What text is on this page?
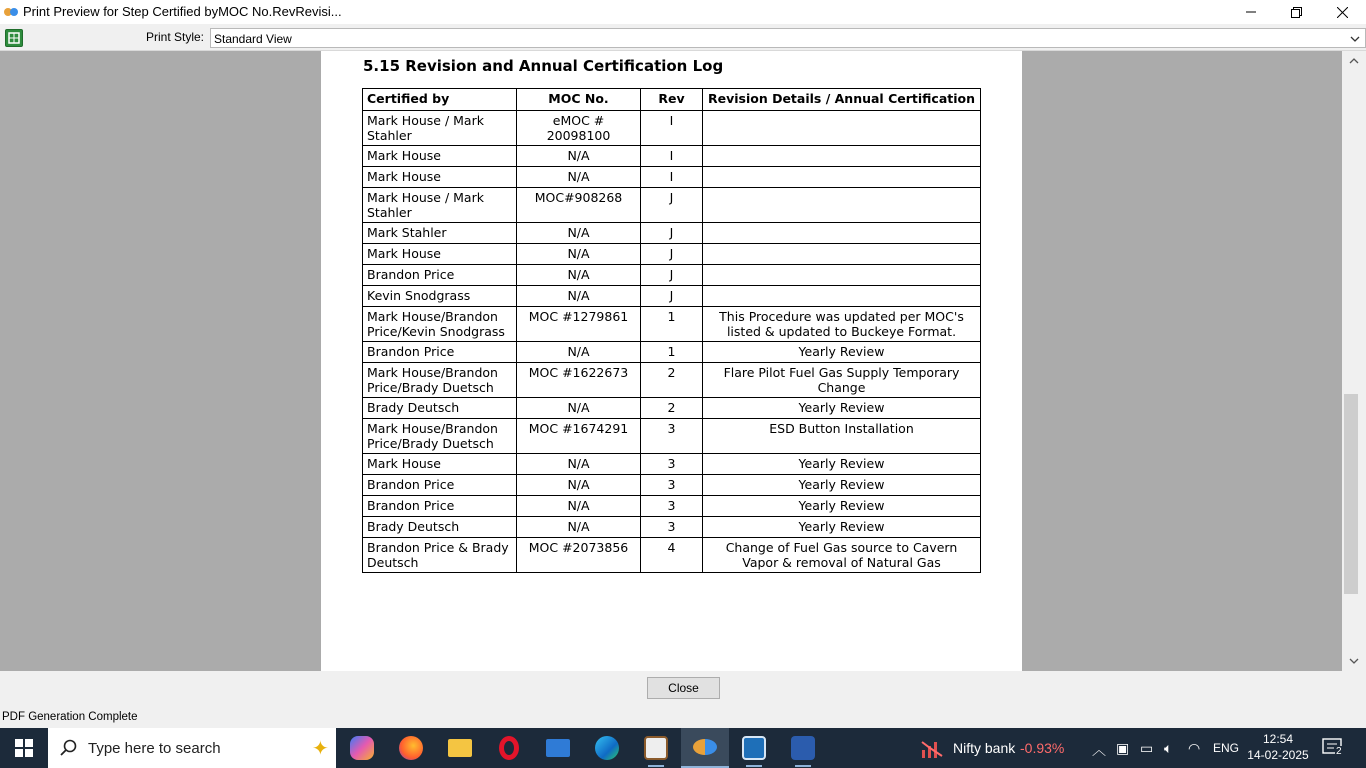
Print Preview for Step Certified byMOC No.RevRevisi...
Print Style: Standard View
5.15 Revision and Annual Certification Log
Certified by	MOC No.	Rev	Revision Details / Annual Certification
Mark House / Mark Stahler	eMOC # 20098100	I	
Mark House	N/A	I	
Mark House	N/A	I	
Mark House / Mark Stahler	MOC#908268	J	
Mark Stahler	N/A	J	
Mark House	N/A	J	
Brandon Price	N/A	J	
Kevin Snodgrass	N/A	J	
Mark House/Brandon Price/Kevin Snodgrass	MOC #1279861	1	This Procedure was updated per MOC's listed & updated to Buckeye Format.
Brandon Price	N/A	1	Yearly Review
Mark House/Brandon Price/Brady Duetsch	MOC #1622673	2	Flare Pilot Fuel Gas Supply Temporary Change
Brady Deutsch	N/A	2	Yearly Review
Mark House/Brandon Price/Brady Duetsch	MOC #1674291	3	ESD Button Installation
Mark House	N/A	3	Yearly Review
Brandon Price	N/A	3	Yearly Review
Brandon Price	N/A	3	Yearly Review
Brady Deutsch	N/A	3	Yearly Review
Brandon Price & Brady Deutsch	MOC #2073856	4	Change of Fuel Gas source to Cavern Vapor & removal of Natural Gas
Close
PDF Generation Complete
Type here to search	✦	Nifty bank -0.93% ︿ ▣ ▭ 🔈︎ ◠ ENG
12:54
14-02-2025	2
